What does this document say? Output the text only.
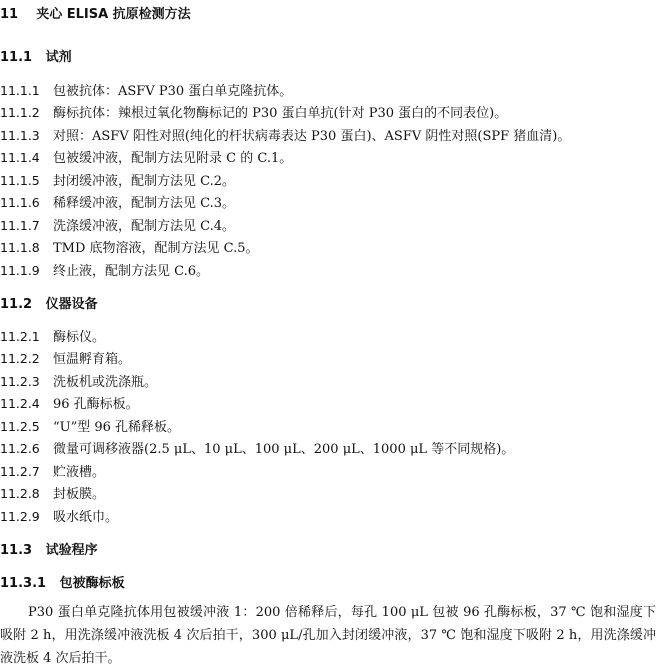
11 夹心 ELISA 抗原检测方法
11.1 试剂
11.1.1 包被抗体：ASFV P30 蛋白单克隆抗体。
11.1.2 酶标抗体：辣根过氧化物酶标记的 P30 蛋白单抗(针对 P30 蛋白的不同表位)。
11.1.3 对照：ASFV 阳性对照(纯化的杆状病毒表达 P30 蛋白)、ASFV 阴性对照(SPF 猪血清)。
11.1.4 包被缓冲液，配制方法见附录 C 的 C.1。
11.1.5 封闭缓冲液，配制方法见 C.2。
11.1.6 稀释缓冲液，配制方法见 C.3。
11.1.7 洗涤缓冲液，配制方法见 C.4。
11.1.8 TMD 底物溶液，配制方法见 C.5。
11.1.9 终止液，配制方法见 C.6。
11.2 仪器设备
11.2.1 酶标仪。
11.2.2 恒温孵育箱。
11.2.3 洗板机或洗涤瓶。
11.2.4 96 孔酶标板。
11.2.5 “U”型 96 孔稀释板。
11.2.6 微量可调移液器(2.5 μL、10 μL、100 μL、200 μL、1000 μL 等不同规格)。
11.2.7 贮液槽。
11.2.8 封板膜。
11.2.9 吸水纸巾。
11.3 试验程序
11.3.1 包被酶标板
P30 蛋白单克隆抗体用包被缓冲液 1：200 倍稀释后，每孔 100 μL 包被 96 孔酶标板，37 ℃ 饱和湿度下吸附 2 h，用洗涤缓冲液洗板 4 次后拍干，300 μL/孔加入封闭缓冲液，37 ℃ 饱和湿度下吸附 2 h，用洗涤缓冲液洗板 4 次后拍干。
